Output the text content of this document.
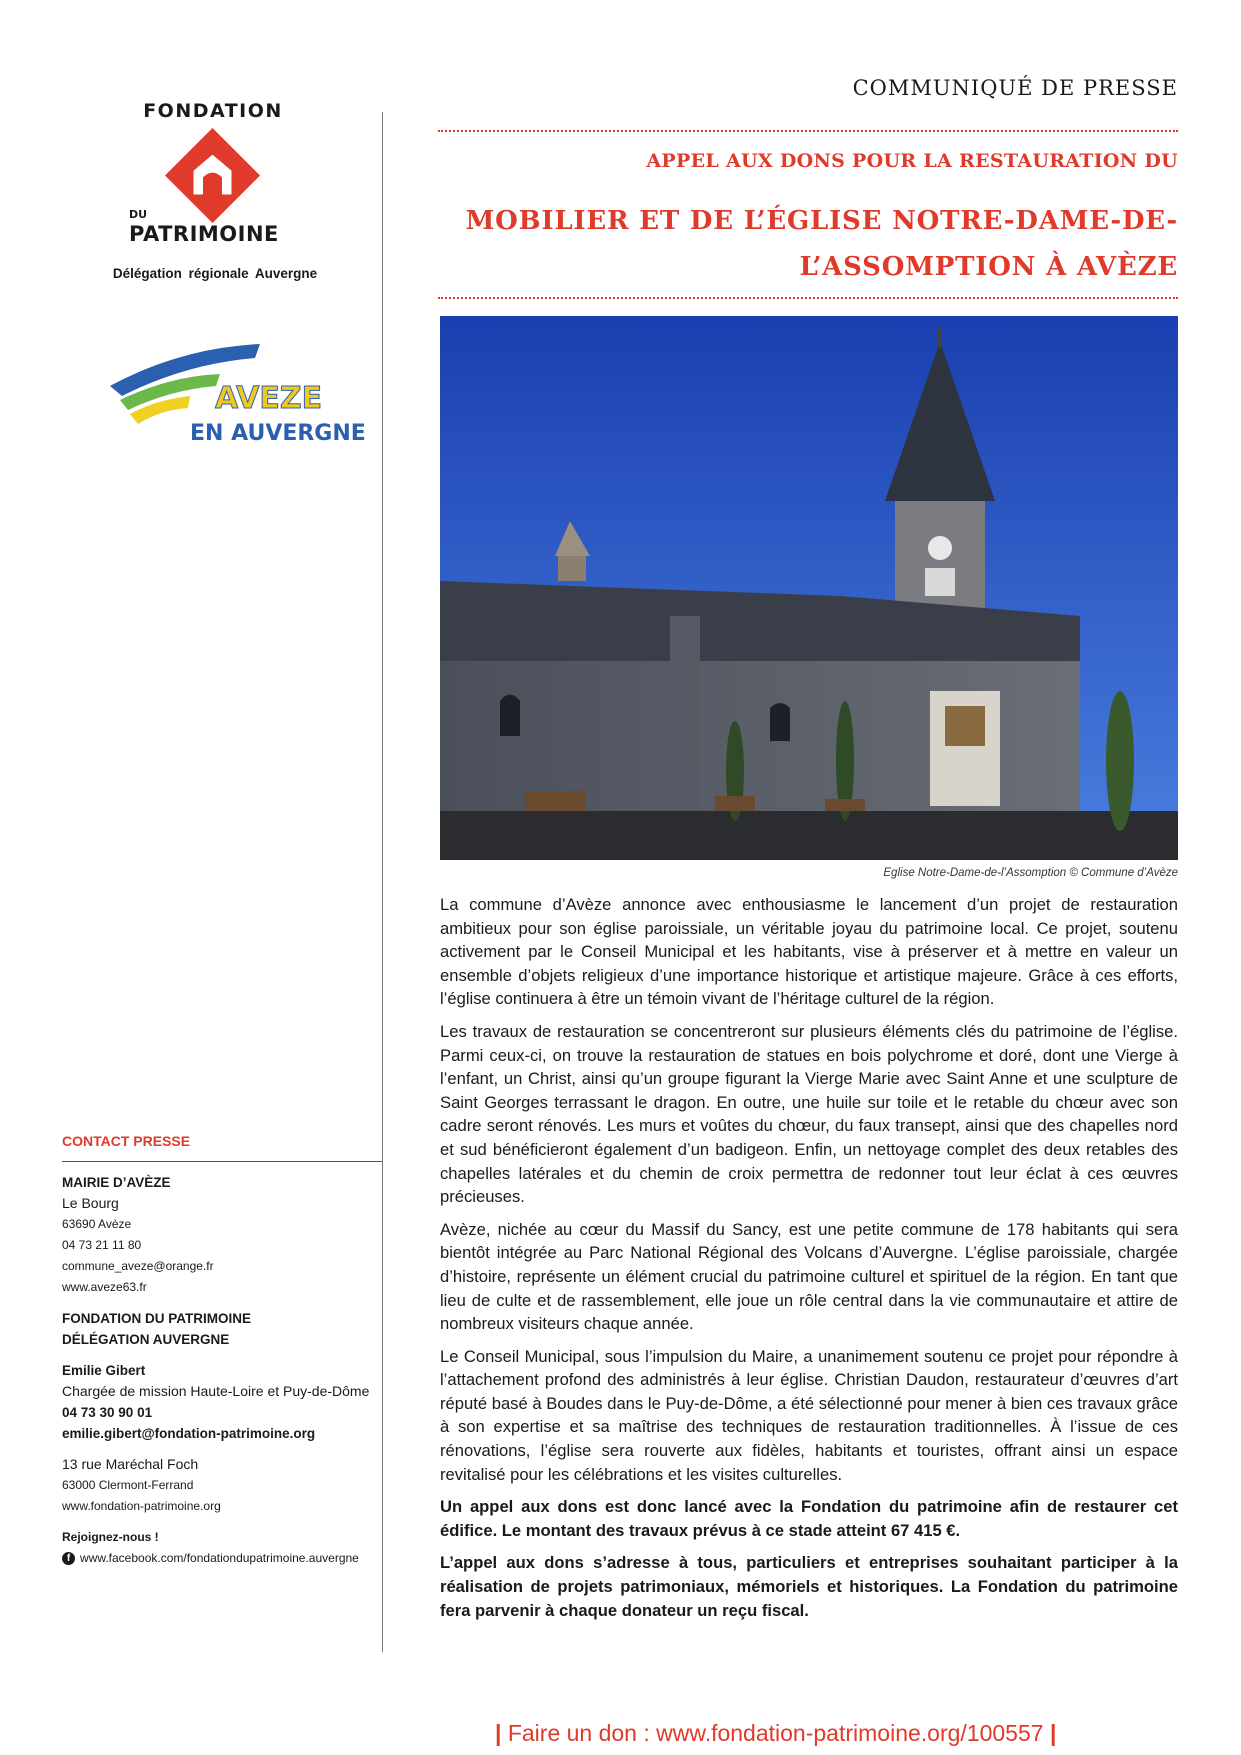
FONDATION
DU
PATRIMOINE
Délégation régionale Auvergne
AVEZE
EN AUVERGNE
CONTACT PRESSE
MAIRIE D’AVÈZE
Le Bourg
63690 Avèze
04 73 21 11 80
commune_aveze@orange.fr
www.aveze63.fr
FONDATION DU PATRIMOINE
DÉLÉGATION AUVERGNE
Emilie Gibert
Chargée de mission Haute-Loire et Puy-de-Dôme
04 73 30 90 01
emilie.gibert@fondation-patrimoine.org
13 rue Maréchal Foch
63000 Clermont-Ferrand
www.fondation-patrimoine.org
Rejoignez-nous !
f www.facebook.com/fondationdupatrimoine.auvergne
COMMUNIQUÉ DE PRESSE
APPEL AUX DONS POUR LA RESTAURATION DU
MOBILIER ET DE L’ÉGLISE NOTRE-DAME-DE-L’ASSOMPTION À AVÈZE
Eglise Notre-Dame-de-l’Assomption © Commune d’Avèze

La commune d’Avèze annonce avec enthousiasme le lancement d’un projet de restauration ambitieux pour son église paroissiale, un véritable joyau du patrimoine local. Ce projet, soutenu activement par le Conseil Municipal et les habitants, vise à préserver et à mettre en valeur un ensemble d’objets religieux d’une importance historique et artistique majeure. Grâce à ces efforts, l’église continuera à être un témoin vivant de l’héritage culturel de la région.

Les travaux de restauration se concentreront sur plusieurs éléments clés du patrimoine de l’église. Parmi ceux-ci, on trouve la restauration de statues en bois polychrome et doré, dont une Vierge à l’enfant, un Christ, ainsi qu’un groupe figurant la Vierge Marie avec Saint Anne et une sculpture de Saint Georges terrassant le dragon. En outre, une huile sur toile et le retable du chœur avec son cadre seront rénovés. Les murs et voûtes du chœur, du faux transept, ainsi que des chapelles nord et sud bénéficieront également d’un badigeon. Enfin, un nettoyage complet des deux retables des chapelles latérales et du chemin de croix permettra de redonner tout leur éclat à ces œuvres précieuses.

Avèze, nichée au cœur du Massif du Sancy, est une petite commune de 178 habitants qui sera bientôt intégrée au Parc National Régional des Volcans d’Auvergne. L’église paroissiale, chargée d’histoire, représente un élément crucial du patrimoine culturel et spirituel de la région. En tant que lieu de culte et de rassemblement, elle joue un rôle central dans la vie communautaire et attire de nombreux visiteurs chaque année.

Le Conseil Municipal, sous l’impulsion du Maire, a unanimement soutenu ce projet pour répondre à l’attachement profond des administrés à leur église. Christian Daudon, restaurateur d’œuvres d’art réputé basé à Boudes dans le Puy-de-Dôme, a été sélectionné pour mener à bien ces travaux grâce à son expertise et sa maîtrise des techniques de restauration traditionnelles. À l’issue de ces rénovations, l’église sera rouverte aux fidèles, habitants et touristes, offrant ainsi un espace revitalisé pour les célébrations et les visites culturelles.

Un appel aux dons est donc lancé avec la Fondation du patrimoine afin de restaurer cet édifice. Le montant des travaux prévus à ce stade atteint 67 415 €.

L’appel aux dons s’adresse à tous, particuliers et entreprises souhaitant participer à la réalisation de projets patrimoniaux, mémoriels et historiques. La Fondation du patrimoine fera parvenir à chaque donateur un reçu fiscal.

| Faire un don : www.fondation-patrimoine.org/100557 |
